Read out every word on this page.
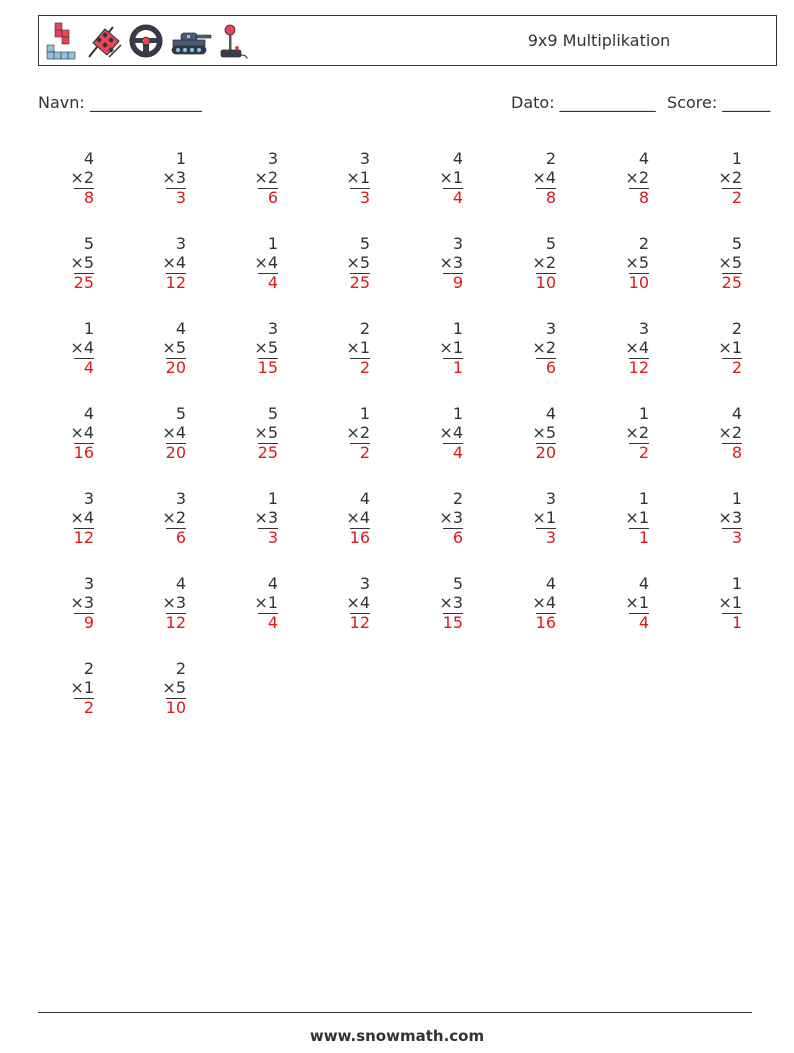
9x9 Multiplikation
Navn: ______________	Dato: ____________ Score: ______
4
×2
8
1
×3
3
3
×2
6
3
×1
3
4
×1
4
2
×4
8
4
×2
8
1
×2
2
5
×5
25
3
×4
12
1
×4
4
5
×5
25
3
×3
9
5
×2
10
2
×5
10
5
×5
25
1
×4
4
4
×5
20
3
×5
15
2
×1
2
1
×1
1
3
×2
6
3
×4
12
2
×1
2
4
×4
16
5
×4
20
5
×5
25
1
×2
2
1
×4
4
4
×5
20
1
×2
2
4
×2
8
3
×4
12
3
×2
6
1
×3
3
4
×4
16
2
×3
6
3
×1
3
1
×1
1
1
×3
3
3
×3
9
4
×3
12
4
×1
4
3
×4
12
5
×3
15
4
×4
16
4
×1
4
1
×1
1
2
×1
2
2
×5
10
www.snowmath.com
